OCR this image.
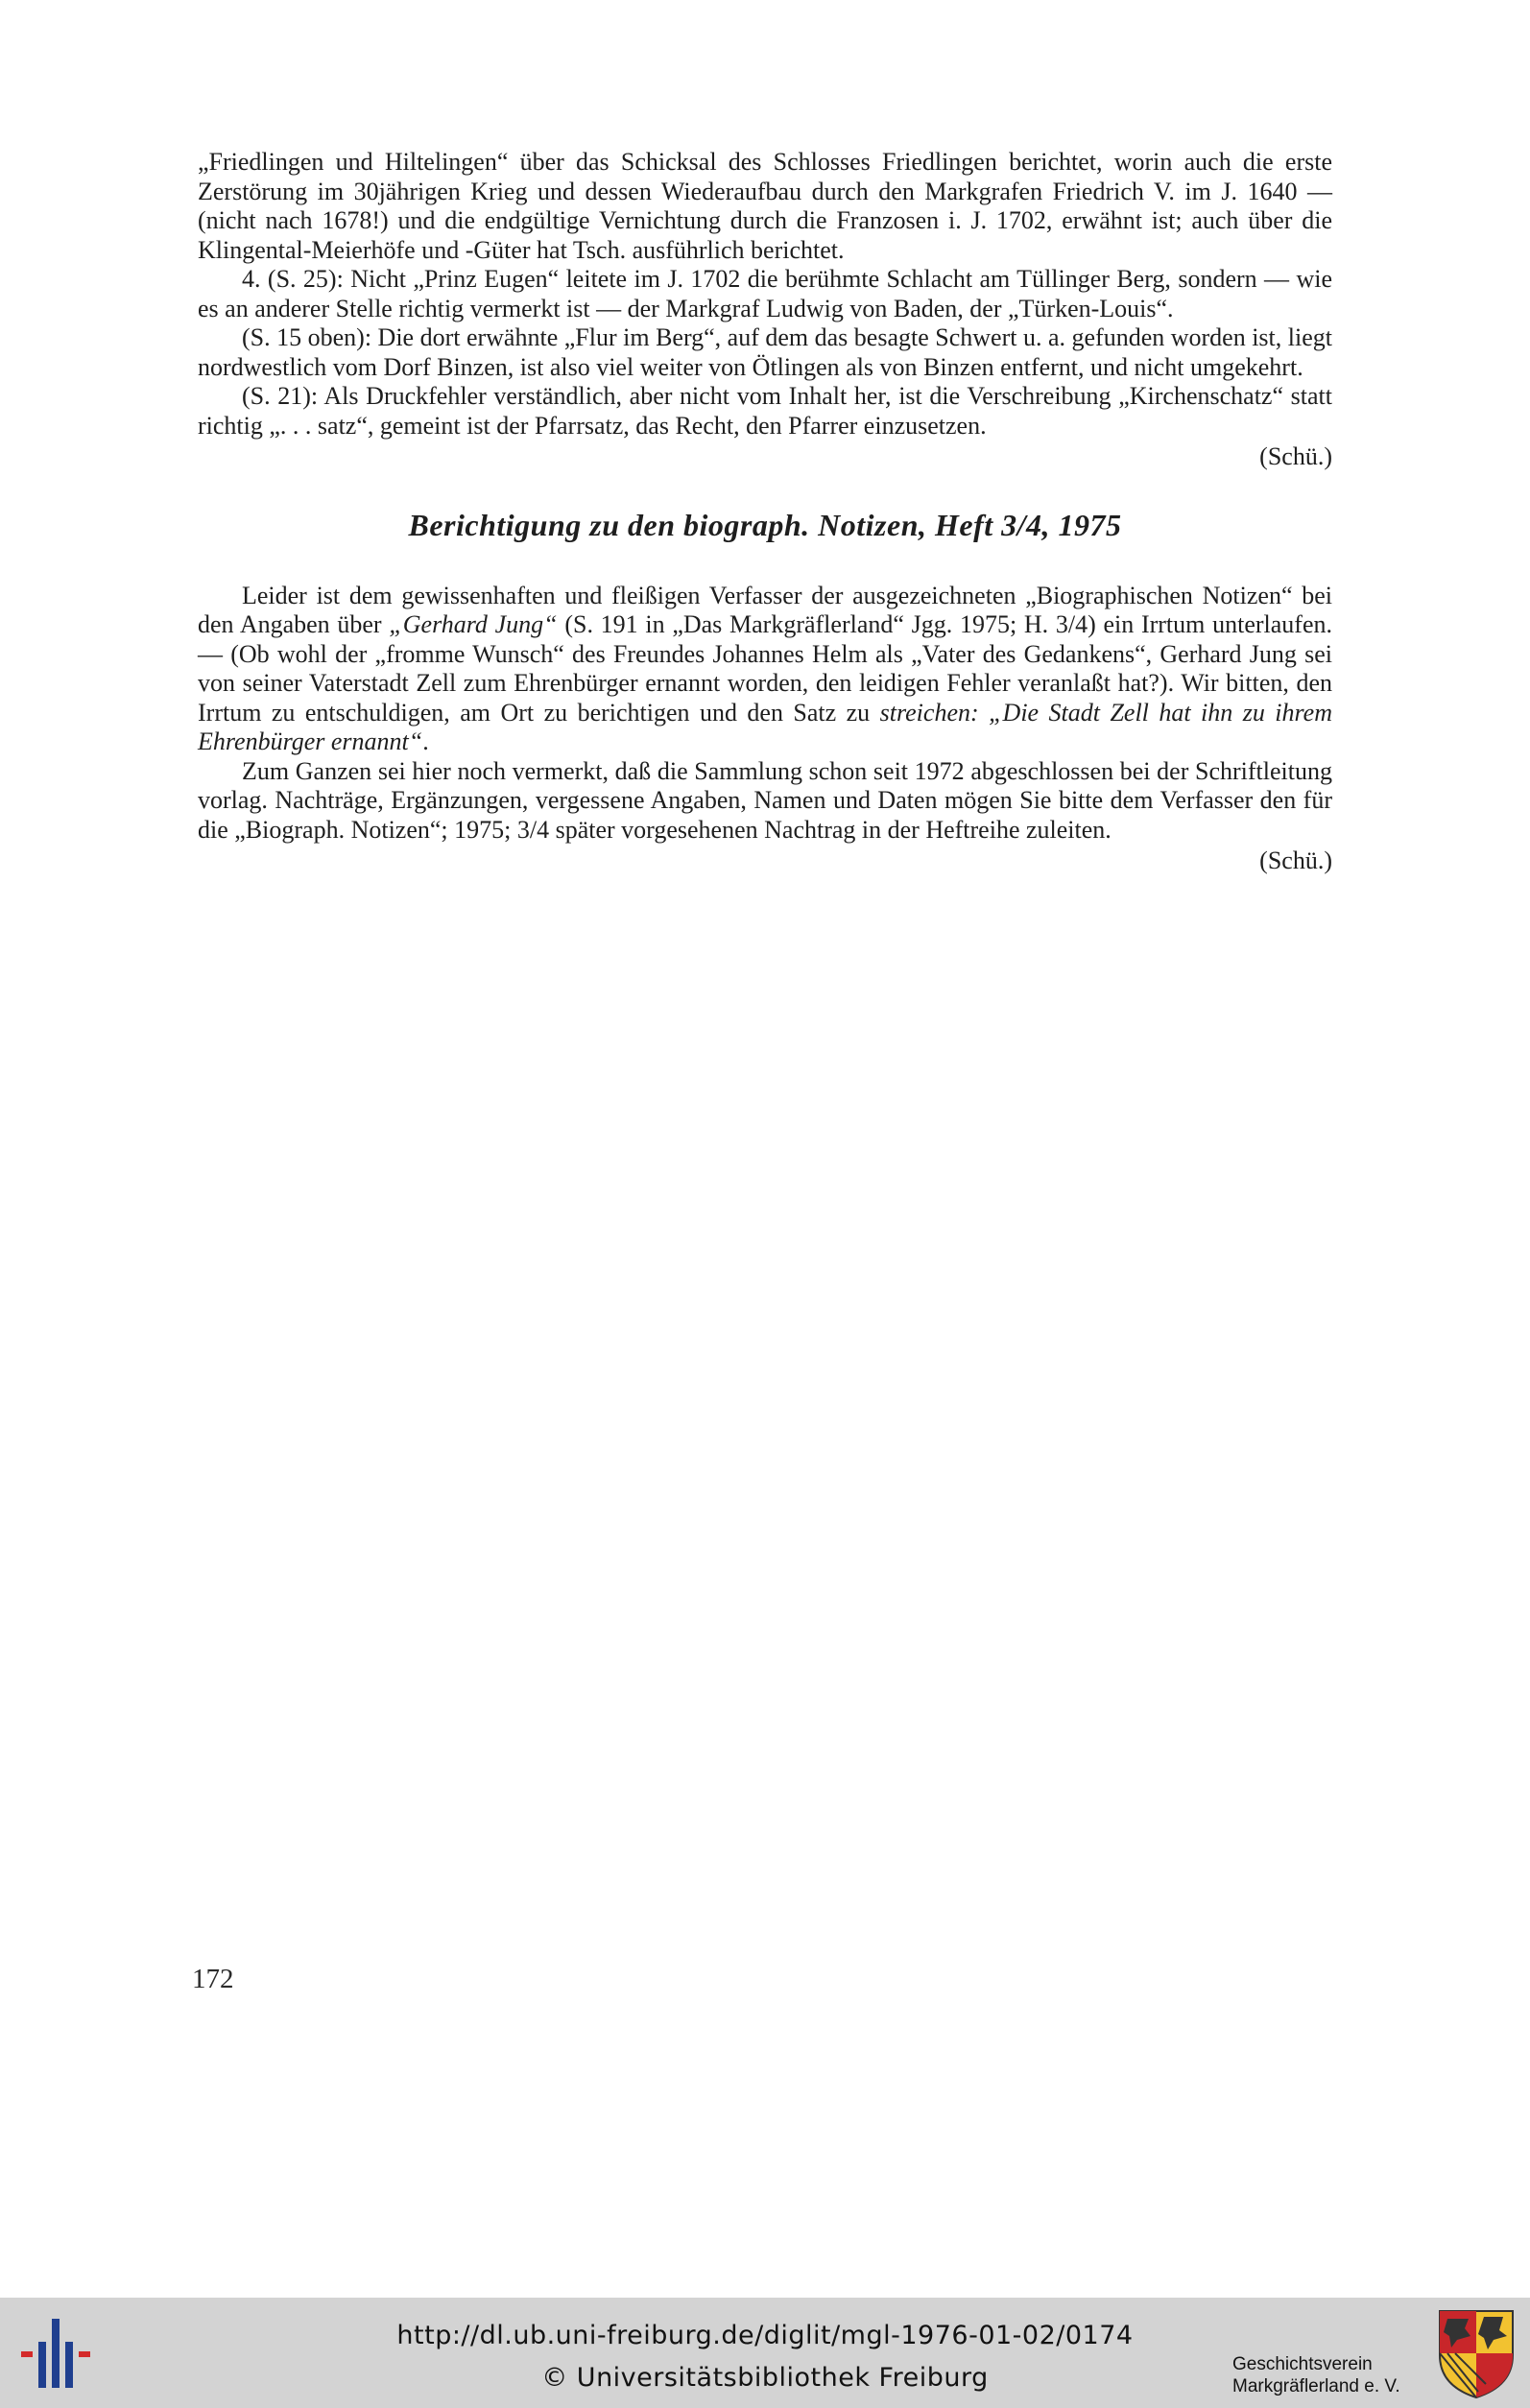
„Friedlingen und Hiltelingen“ über das Schicksal des Schlosses Friedlingen berichtet, worin auch die erste Zerstörung im 30jährigen Krieg und dessen Wiederaufbau durch den Markgrafen Friedrich V. im J. 1640 — (nicht nach 1678!) und die endgültige Vernichtung durch die Franzosen i. J. 1702, erwähnt ist; auch über die Klingental-Meierhöfe und -Güter hat Tsch. ausführlich berichtet.

4. (S. 25): Nicht „Prinz Eugen“ leitete im J. 1702 die berühmte Schlacht am Tüllinger Berg, sondern — wie es an anderer Stelle richtig vermerkt ist — der Markgraf Ludwig von Baden, der „Türken-Louis“.

(S. 15 oben): Die dort erwähnte „Flur im Berg“, auf dem das besagte Schwert u. a. gefunden worden ist, liegt nordwestlich vom Dorf Binzen, ist also viel weiter von Ötlingen als von Binzen entfernt, und nicht umgekehrt.

(S. 21): Als Druckfehler verständlich, aber nicht vom Inhalt her, ist die Verschreibung „Kirchenschatz“ statt richtig „. . . satz“, gemeint ist der Pfarrsatz, das Recht, den Pfarrer einzusetzen.

(Schü.)

Berichtigung zu den biograph. Notizen, Heft 3/4, 1975

Leider ist dem gewissenhaften und fleißigen Verfasser der ausgezeichneten „Biographischen Notizen“ bei den Angaben über „Gerhard Jung“ (S. 191 in „Das Markgräflerland“ Jgg. 1975; H. 3/4) ein Irrtum unterlaufen. — (Ob wohl der „fromme Wunsch“ des Freundes Johannes Helm als „Vater des Gedankens“, Gerhard Jung sei von seiner Vaterstadt Zell zum Ehrenbürger ernannt worden, den leidigen Fehler veranlaßt hat?). Wir bitten, den Irrtum zu entschuldigen, am Ort zu berichtigen und den Satz zu streichen: „Die Stadt Zell hat ihn zu ihrem Ehrenbürger ernannt“.

Zum Ganzen sei hier noch vermerkt, daß die Sammlung schon seit 1972 abgeschlossen bei der Schriftleitung vorlag. Nachträge, Ergänzungen, vergessene Angaben, Namen und Daten mögen Sie bitte dem Verfasser den für die „Biograph. Notizen“; 1975; 3/4 später vorgesehenen Nachtrag in der Heftreihe zuleiten.

(Schü.)

172
http://dl.ub.uni-freiburg.de/diglit/mgl-1976-01-02/0174
© Universitätsbibliothek Freiburg	Geschichtsverein
Markgräflerland e. V.
